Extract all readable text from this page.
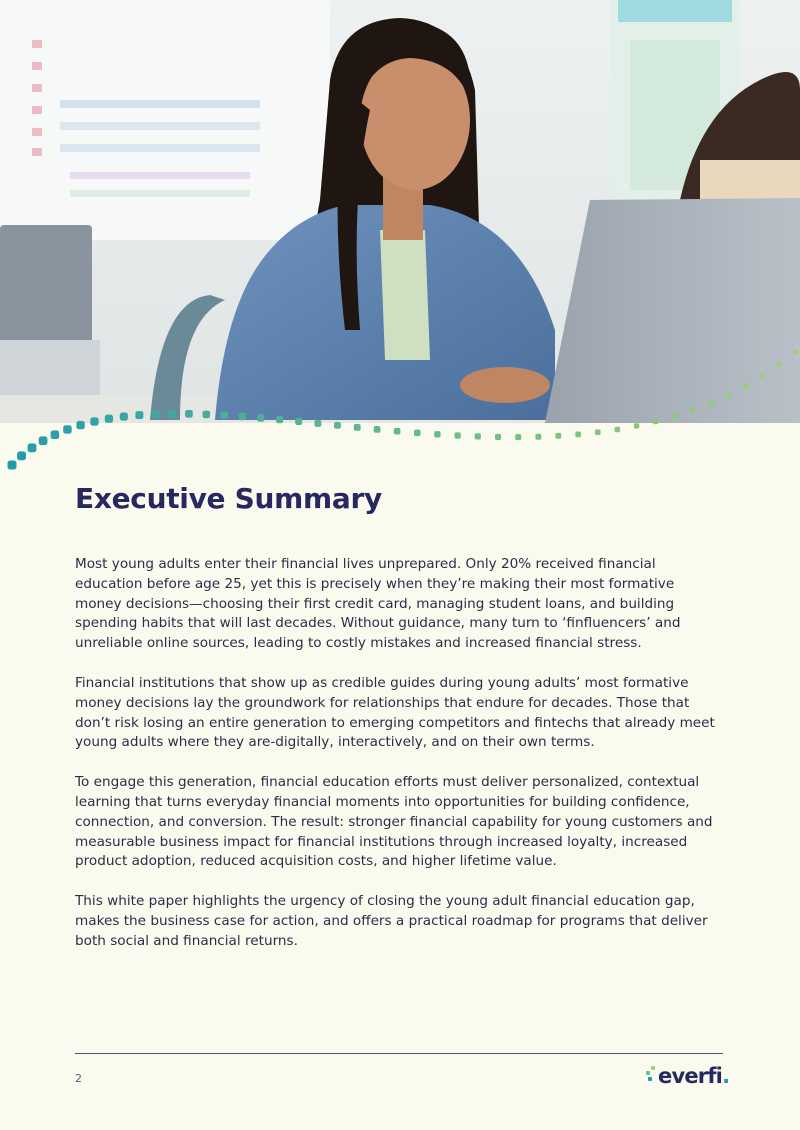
Executive Summary

Most young adults enter their financial lives unprepared. Only 20% received financial education before age 25, yet this is precisely when they’re making their most formative money decisions—choosing their first credit card, managing student loans, and building spending habits that will last decades. Without guidance, many turn to ‘finfluencers’ and unreliable online sources, leading to costly mistakes and increased financial stress.

Financial institutions that show up as credible guides during young adults’ most formative money decisions lay the groundwork for relationships that endure for decades. Those that don’t risk losing an entire generation to emerging competitors and fintechs that already meet young adults where they are-digitally, interactively, and on their own terms.

To engage this generation, financial education efforts must deliver personalized, contextual learning that turns everyday financial moments into opportunities for building confidence, connection, and conversion. The result: stronger financial capability for young customers and measurable business impact for financial institutions through increased loyalty, increased product adoption, reduced acquisition costs, and higher lifetime value.

This white paper highlights the urgency of closing the young adult financial education gap, makes the business case for action, and offers a practical roadmap for programs that deliver both social and financial returns.

2	everfi.
